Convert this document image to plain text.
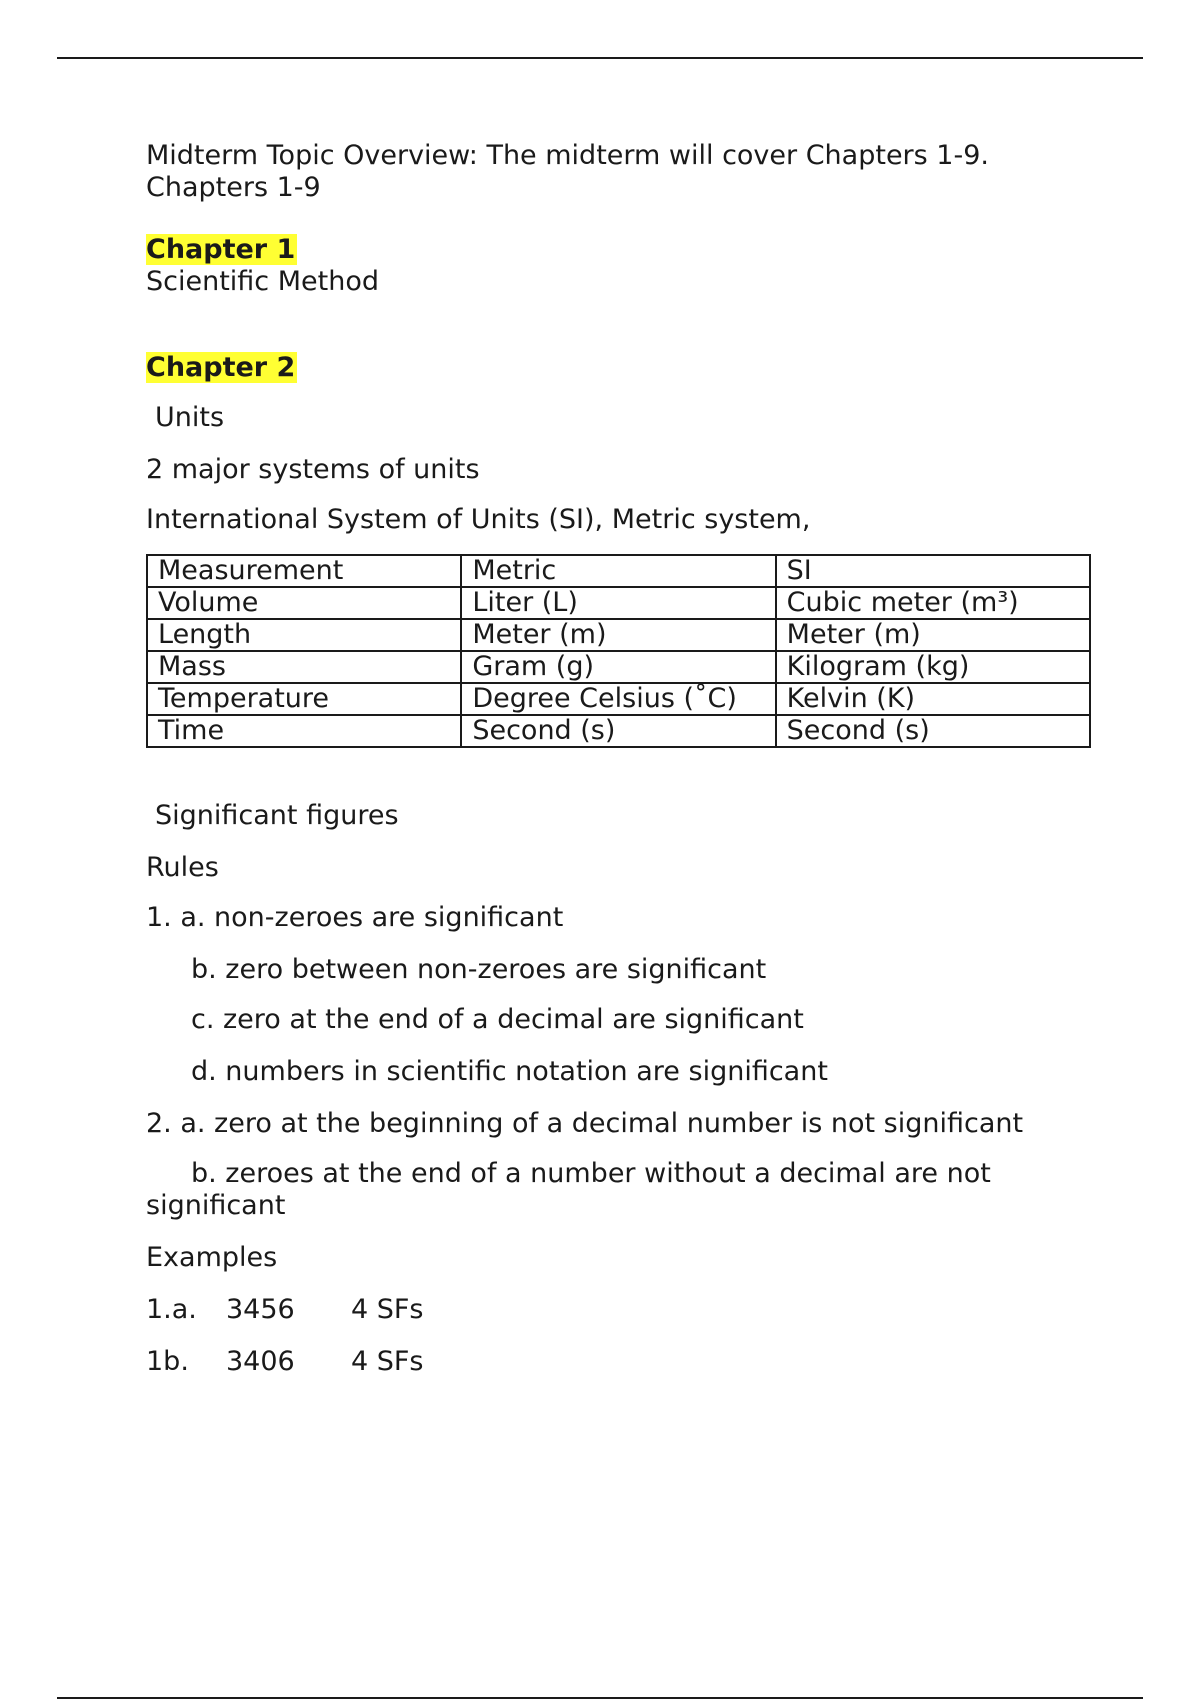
Midterm Topic Overview: The midterm will cover Chapters 1-9.

Chapters 1-9

Chapter 1

Scientific Method

Chapter 2

Units

2 major systems of units

International System of Units (SI), Metric system,

Measurement	Metric	SI
Volume	Liter (L)	Cubic meter (m³)
Length	Meter (m)	Meter (m)
Mass	Gram (g)	Kilogram (kg)
Temperature	Degree Celsius (˚C)	Kelvin (K)
Time	Second (s)	Second (s)

Significant figures

Rules

1. a. non-zeroes are significant

b. zero between non-zeroes are significant

c. zero at the end of a decimal are significant

d. numbers in scientific notation are significant

2. a. zero at the beginning of a decimal number is not significant

b. zeroes at the end of a number without a decimal are not

significant

Examples

1.a.	3456	4 SFs
1b.	3406	4 SFs
